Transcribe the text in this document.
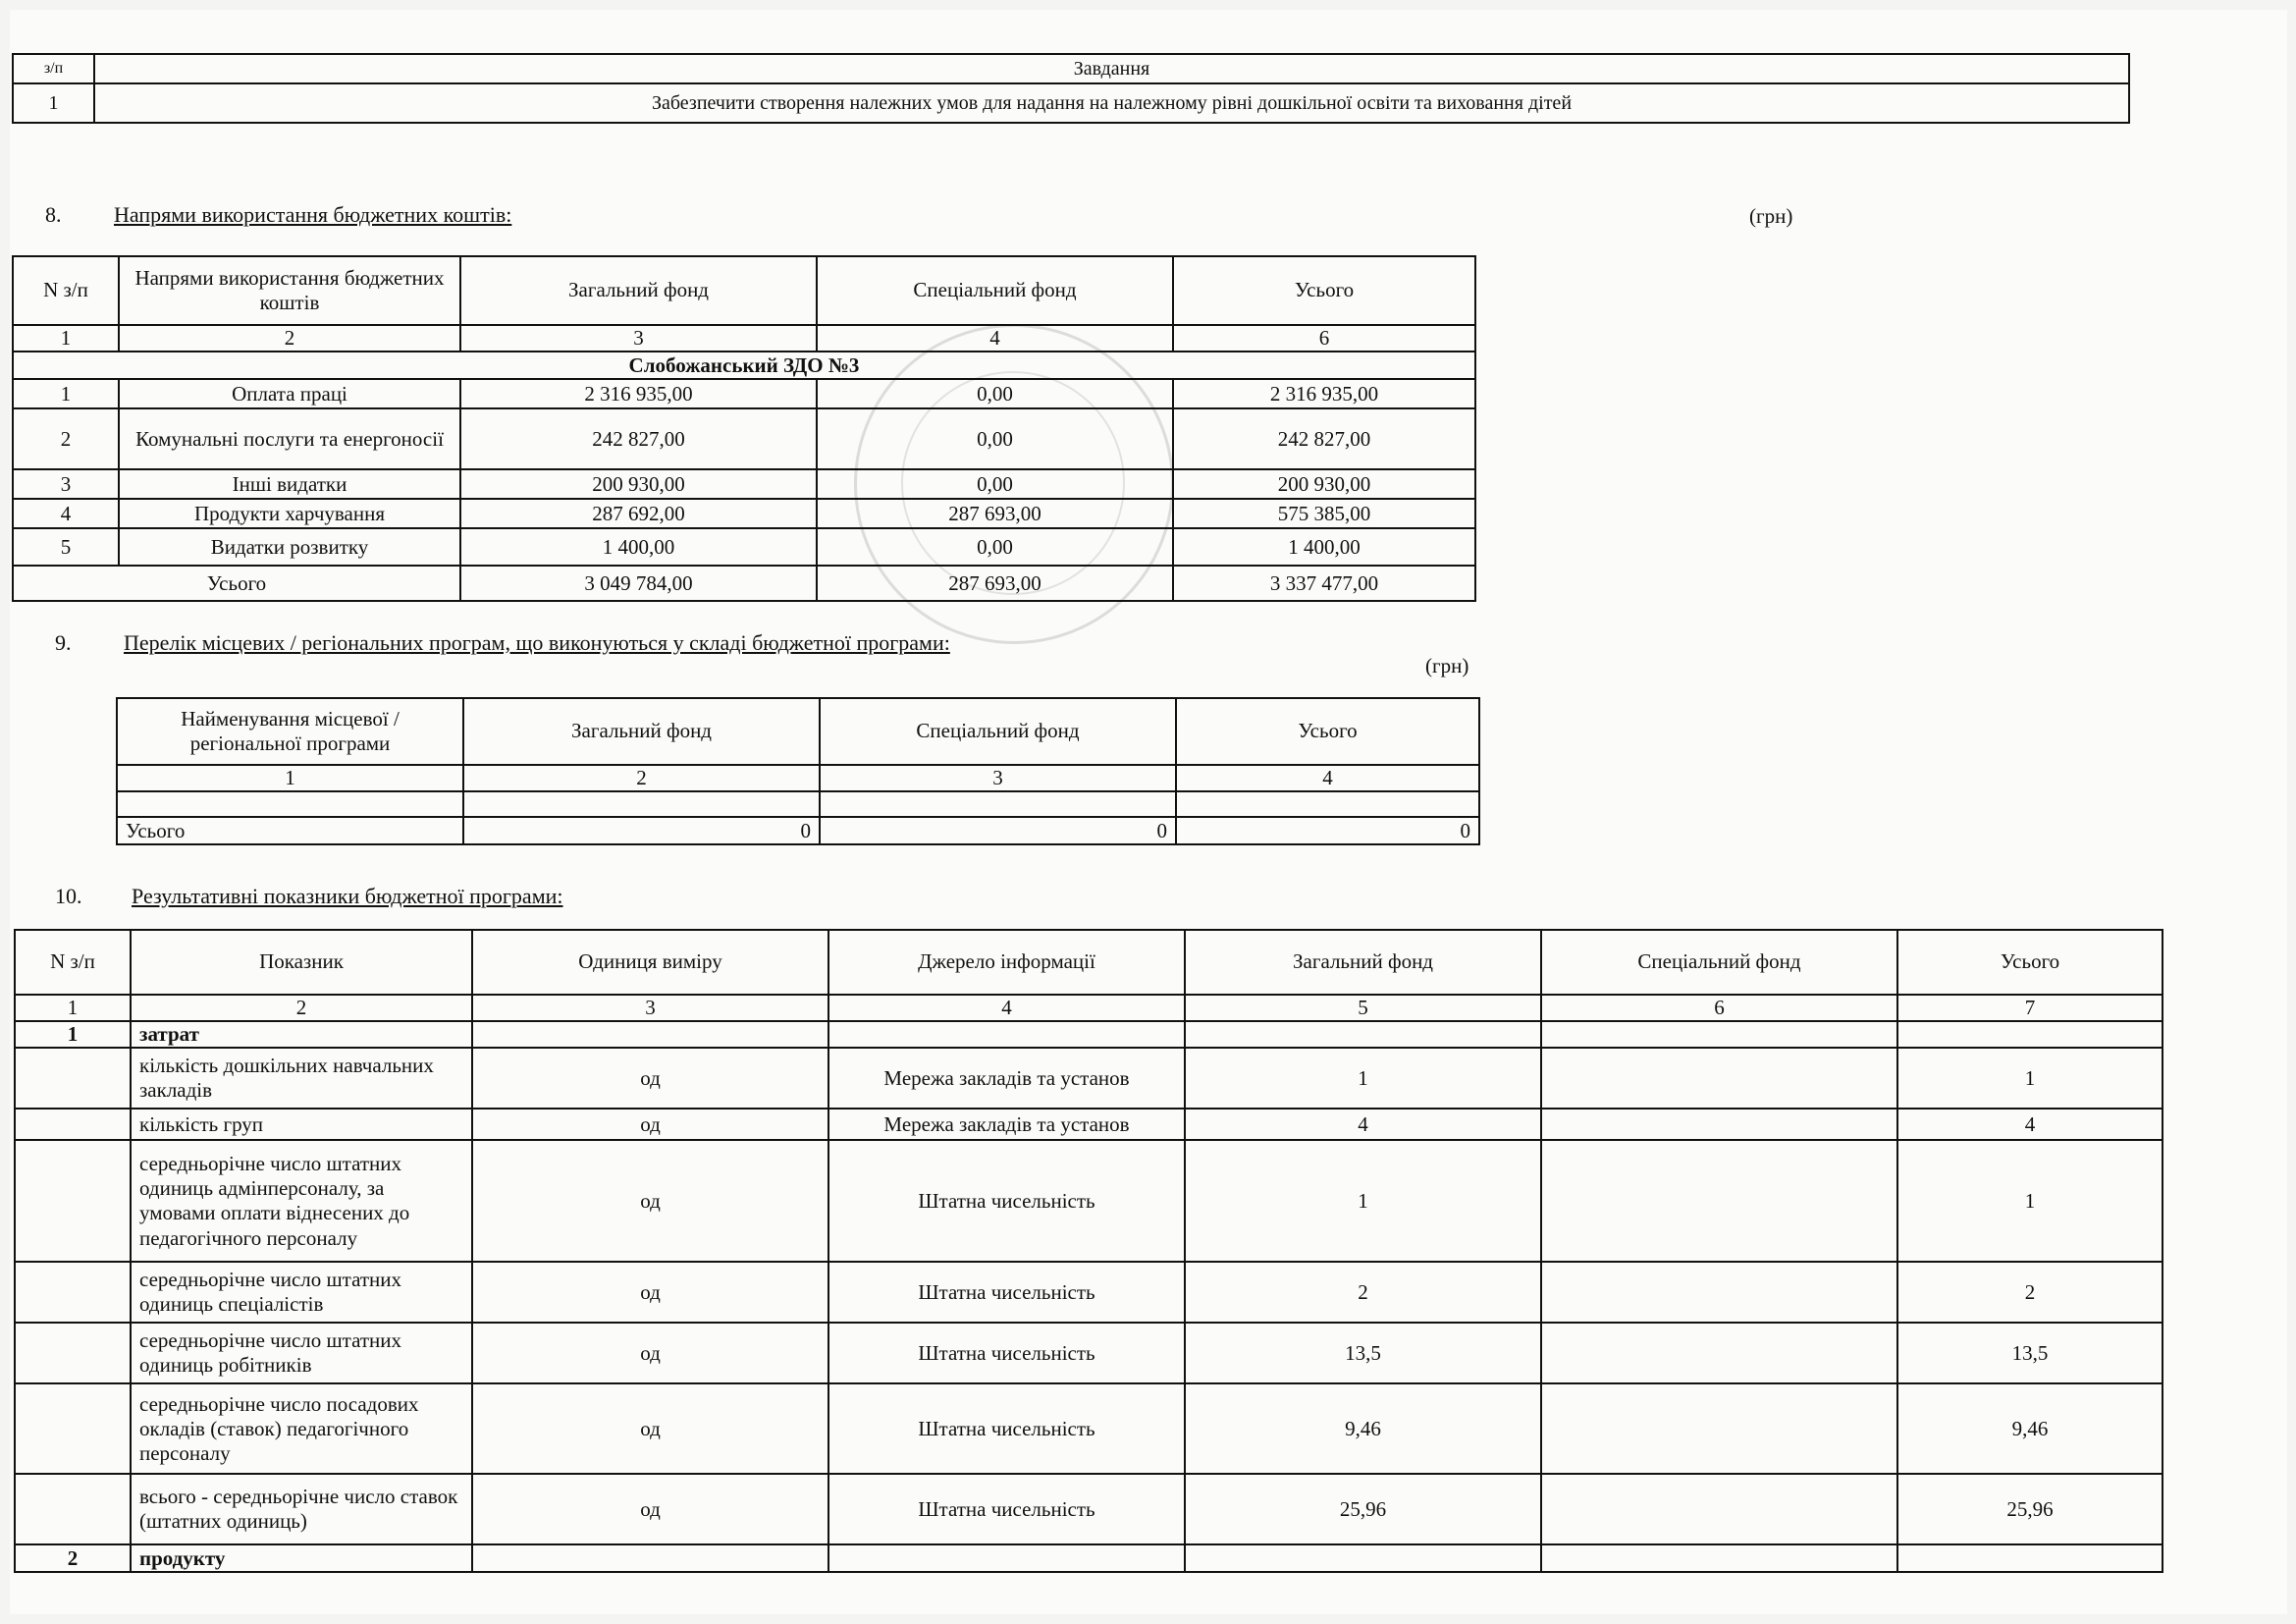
з/п	Завдання
1	Забезпечити створення належних умов для надання на належному рівні дошкільної освіти та виховання дітей
8. Напрями використання бюджетних коштів:	(грн)
N з/п	Напрями використання бюджетних коштів	Загальний фонд	Спеціальний фонд	Усього
1	2	3	4	6
Слобожанський ЗДО №3				
1	Оплата праці	2 316 935,00	0,00	2 316 935,00
2	Комунальні послуги та енергоносії	242 827,00	0,00	242 827,00
3	Інші видатки	200 930,00	0,00	200 930,00
4	Продукти харчування	287 692,00	287 693,00	575 385,00
5	Видатки розвитку	1 400,00	0,00	1 400,00
Усього		3 049 784,00	287 693,00	3 337 477,00
9. Перелік місцевих / регіональних програм, що виконуються у складі бюджетної програми:
(грн)
Найменування місцевої / регіональної програми	Загальний фонд	Спеціальний фонд	Усього
1	2	3	4

Усього	0	0	0
10. Результативні показники бюджетної програми:
N з/п	Показник	Одиниця виміру	Джерело інформації	Загальний фонд	Спеціальний фонд	Усього
1	2	3	4	5	6	7
1	затрат					
	кількість дошкільних навчальних закладів	од	Мережа закладів та установ	1		1
	кількість груп	од	Мережа закладів та установ	4		4
	середньорічне число штатних одиниць адмінперсоналу, за умовами оплати віднесених до педагогічного персоналу	од	Штатна чисельність	1		1
	середньорічне число штатних одиниць спеціалістів	од	Штатна чисельність	2		2
	середньорічне число штатних одиниць робітників	од	Штатна чисельність	13,5		13,5
	середньорічне число посадових окладів (ставок) педагогічного персоналу	од	Штатна чисельність	9,46		9,46
	всього - середньорічне число ставок (штатних одиниць)	од	Штатна чисельність	25,96		25,96
2	продукту					
